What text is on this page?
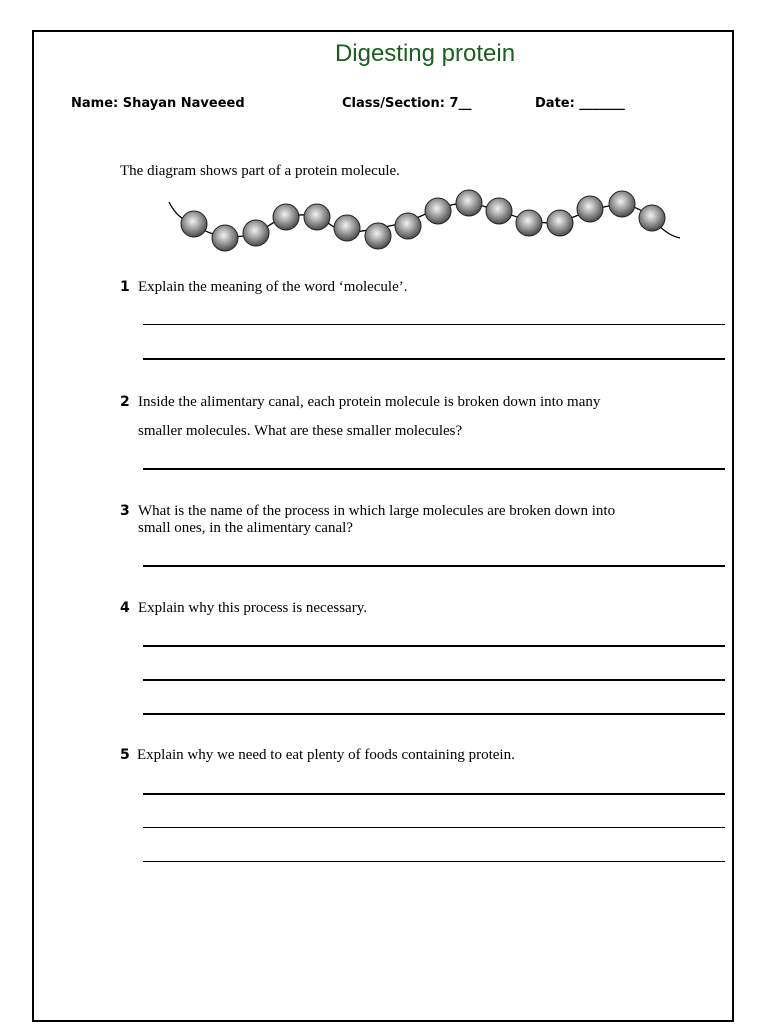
Digesting protein
Name: Shayan Naveeed	Class/Section: 7__	Date: _______
The diagram shows part of a protein molecule.
1 Explain the meaning of the word ‘molecule’.
2 Inside the alimentary canal, each protein molecule is broken down into many
smaller molecules. What are these smaller molecules?
3 What is the name of the process in which large molecules are broken down into
small ones, in the alimentary canal?
4 Explain why this process is necessary.
5 Explain why we need to eat plenty of foods containing protein.
